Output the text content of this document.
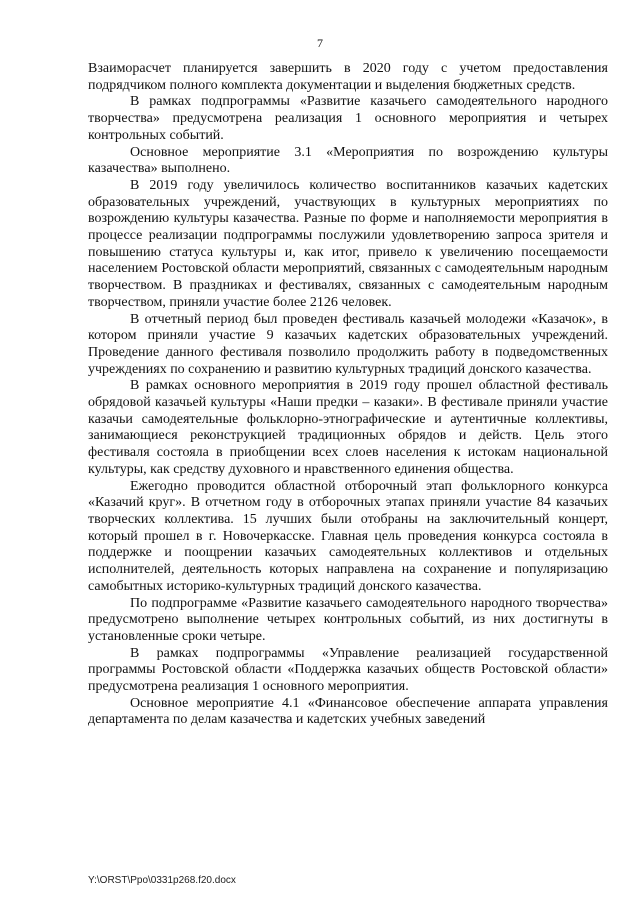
7

Взаиморасчет планируется завершить в 2020 году с учетом предоставления подрядчиком полного комплекта документации и выделения бюджетных средств.

В рамках подпрограммы «Развитие казачьего самодеятельного народного творчества» предусмотрена реализация 1 основного мероприятия и четырех контрольных событий.

Основное мероприятие 3.1 «Мероприятия по возрождению культуры казачества» выполнено.

В 2019 году увеличилось количество воспитанников казачьих кадетских образовательных учреждений, участвующих в культурных мероприятиях по возрождению культуры казачества. Разные по форме и наполняемости мероприятия в процессе реализации подпрограммы послужили удовлетворению запроса зрителя и повышению статуса культуры и, как итог, привело к увеличению посещаемости населением Ростовской области мероприятий, связанных с самодеятельным народным творчеством. В праздниках и фестивалях, связанных с самодеятельным народным творчеством, приняли участие более 2126 человек.

В отчетный период был проведен фестиваль казачьей молодежи «Казачок», в котором приняли участие 9 казачьих кадетских образовательных учреждений. Проведение данного фестиваля позволило продолжить работу в подведомственных учреждениях по сохранению и развитию культурных традиций донского казачества.

В рамках основного мероприятия в 2019 году прошел областной фестиваль обрядовой казачьей культуры «Наши предки – казаки». В фестивале приняли участие казачьи самодеятельные фольклорно-этнографические и аутентичные коллективы, занимающиеся реконструкцией традиционных обрядов и действ. Цель этого фестиваля состояла в приобщении всех слоев населения к истокам национальной культуры, как средству духовного и нравственного единения общества.

Ежегодно проводится областной отборочный этап фольклорного конкурса «Казачий круг». В отчетном году в отборочных этапах приняли участие 84 казачьих творческих коллектива. 15 лучших были отобраны на заключительный концерт, который прошел в г. Новочеркасске. Главная цель проведения конкурса состояла в поддержке и поощрении казачьих самодеятельных коллективов и отдельных исполнителей, деятельность которых направлена на сохранение и популяризацию самобытных историко-культурных традиций донского казачества.

По подпрограмме «Развитие казачьего самодеятельного народного творчества» предусмотрено выполнение четырех контрольных событий, из них достигнуты в установленные сроки четыре.

В рамках подпрограммы «Управление реализацией государственной программы Ростовской области «Поддержка казачьих обществ Ростовской области» предусмотрена реализация 1 основного мероприятия.

Основное мероприятие 4.1 «Финансовое обеспечение аппарата управления департамента по делам казачества и кадетских учебных заведений

Y:\ORST\Ppo\0331p268.f20.docx
